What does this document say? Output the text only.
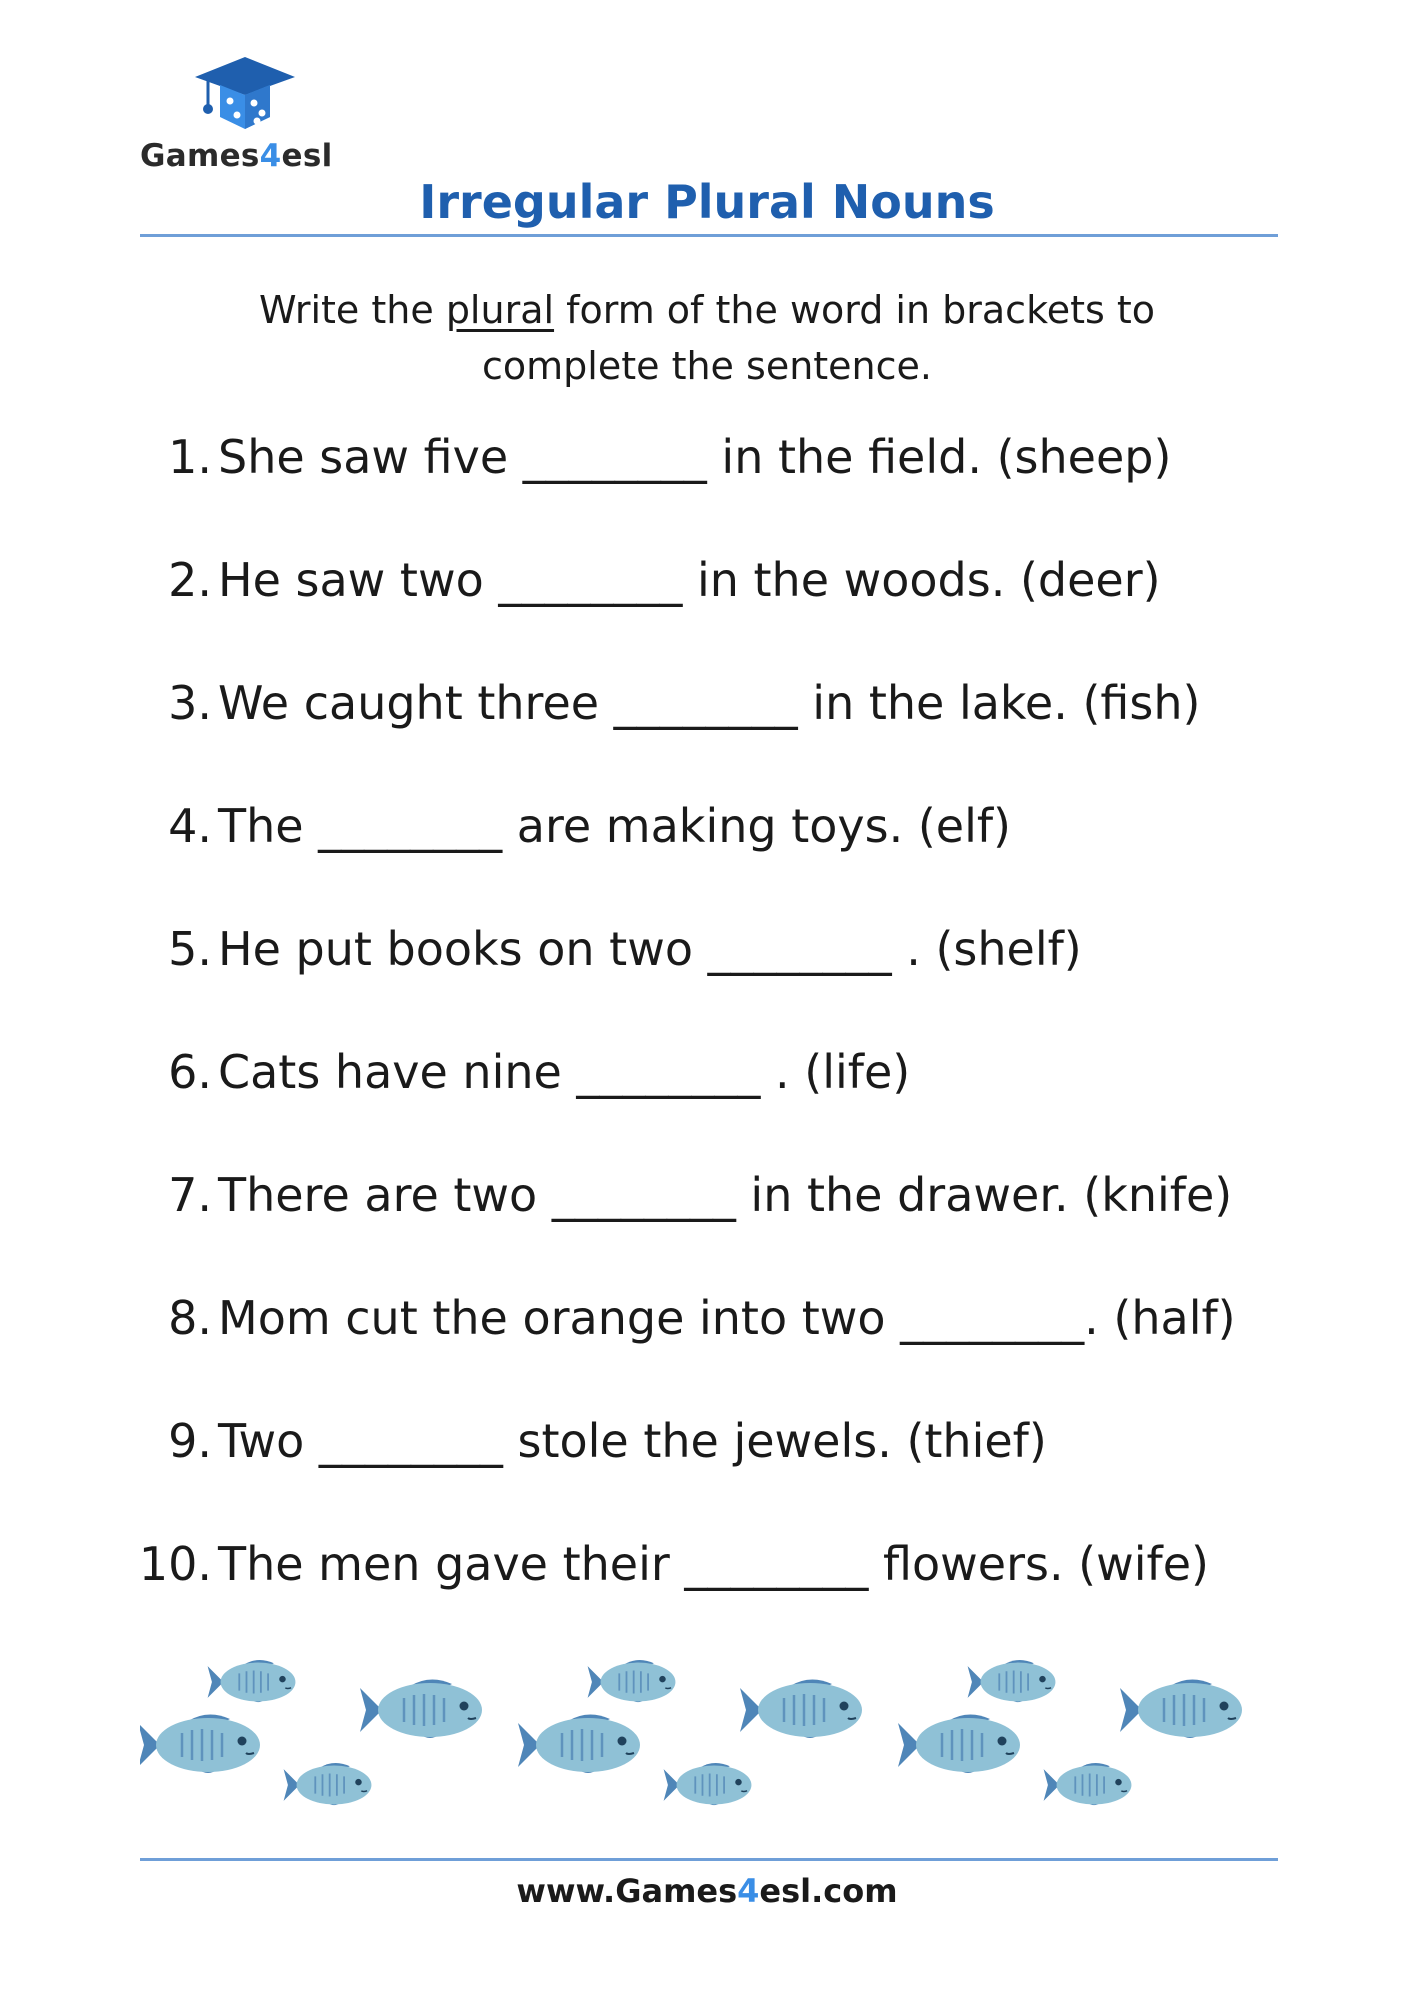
Games4esl
Irregular Plural Nouns
Write the plural form of the word in brackets to
complete the sentence.
1. She saw five ________ in the field. (sheep)
2. He saw two ________ in the woods. (deer)
3. We caught three ________ in the lake. (fish)
4. The ________ are making toys. (elf)
5. He put books on two ________ . (shelf)
6. Cats have nine ________ . (life)
7. There are two ________ in the drawer. (knife)
8. Mom cut the orange into two ________. (half)
9. Two ________ stole the jewels. (thief)
10. The men gave their ________ flowers. (wife)
www.Games4esl.com
